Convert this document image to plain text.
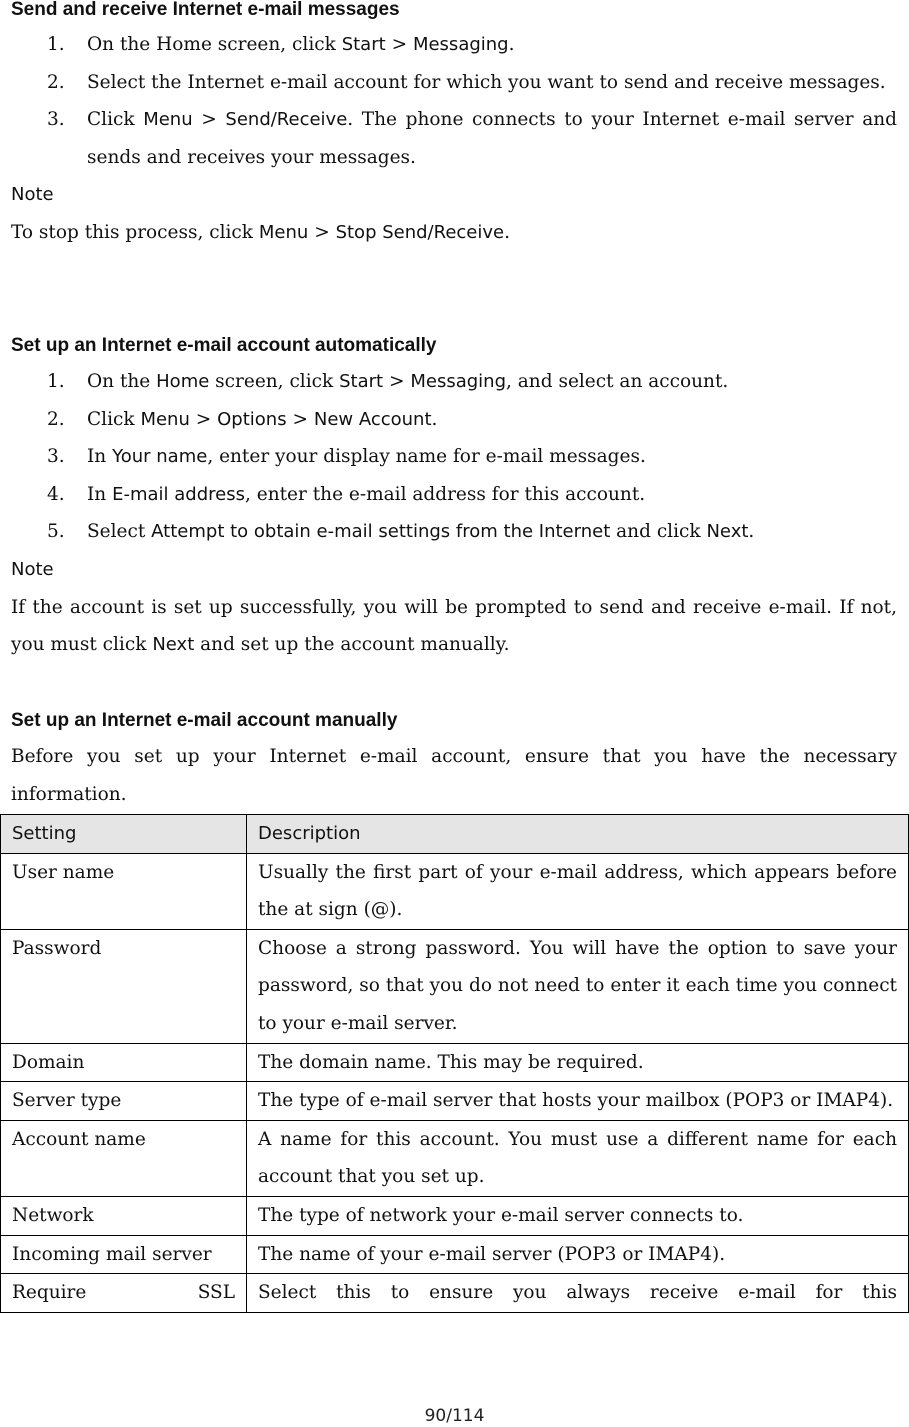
Send and receive Internet e-mail messages
1.	On the Home screen, click Start > Messaging.
2.	Select the Internet e-mail account for which you want to send and receive messages.
3.	Click Menu > Send/Receive. The phone connects to your Internet e-mail server and sends and receives your messages.
Note
To stop this process, click Menu > Stop Send/Receive.
Set up an Internet e-mail account automatically
1.	On the Home screen, click Start > Messaging, and select an account.
2.	Click Menu > Options > New Account.
3.	In Your name, enter your display name for e-mail messages.
4.	In E-mail address, enter the e-mail address for this account.
5.	Select Attempt to obtain e-mail settings from the Internet and click Next.
Note
If the account is set up successfully, you will be prompted to send and receive e-mail. If not, you must click Next and set up the account manually.
Set up an Internet e-mail account manually
Before you set up your Internet e-mail account, ensure that you have the necessary information.
Setting	Description
User name	Usually the first part of your e-mail address, which appears before the at sign (@).
Password	Choose a strong password. You will have the option to save your password, so that you do not need to enter it each time you connect to your e-mail server.
Domain	The domain name. This may be required.
Server type	The type of e-mail server that hosts your mailbox (POP3 or IMAP4).
Account name	A name for this account. You must use a different name for each account that you set up.
Network	The type of network your e-mail server connects to.
Incoming mail server	The name of your e-mail server (POP3 or IMAP4).
Require SSL	Select this to ensure you always receive e-mail for this
90/114
